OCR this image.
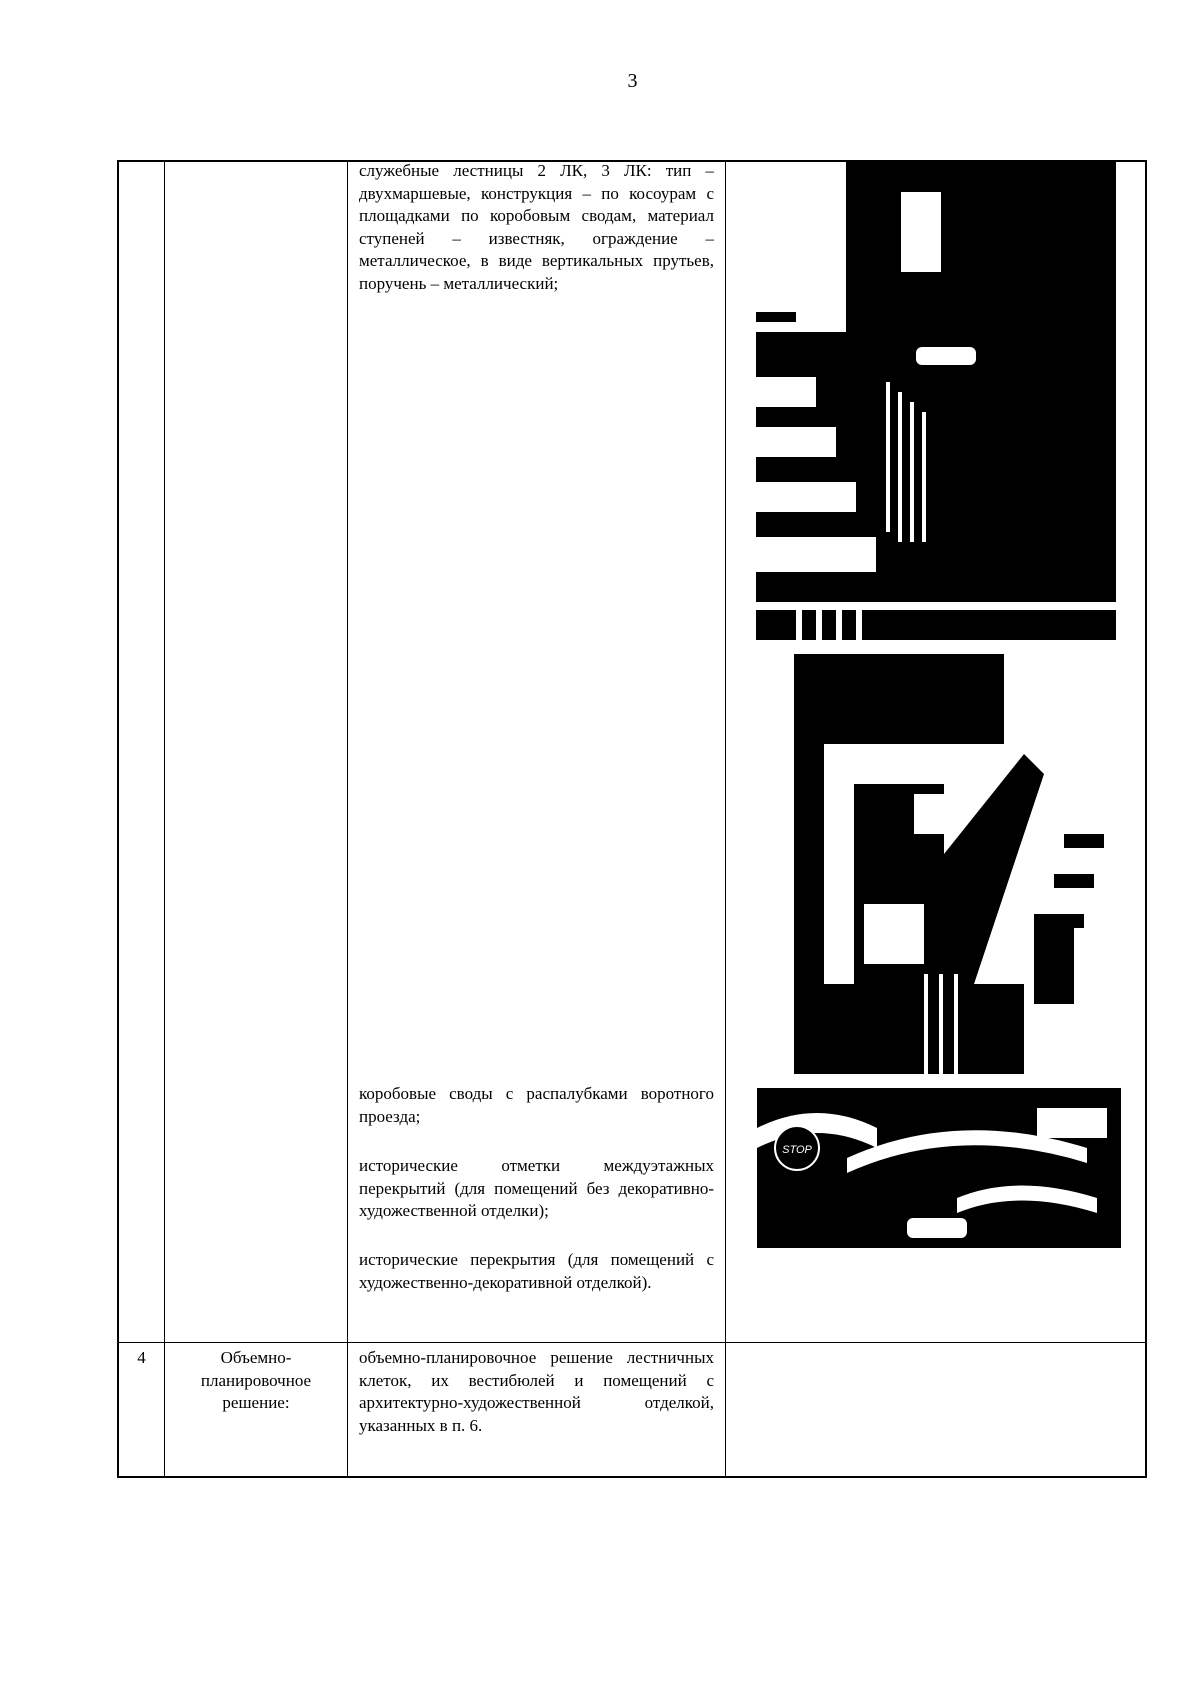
3
служебные лестницы 2 ЛК, 3 ЛК: тип – двухмаршевые, конструкция – по косоурам с площадками по коробовым сводам, материал ступеней – известняк, ограждение – металлическое, в виде вертикальных прутьев, поручень – металлический;
коробовые своды с распалубками воротного проезда;
исторические отметки междуэтажных перекрытий (для помещений без декоративно-художественной отделки);
исторические перекрытия (для помещений с художественно-декоративной отделкой).
STOP
4	Объемно-
планировочное
решение:
объемно-планировочное решение лестничных клеток, их вестибюлей и помещений с архитектурно-художественной отделкой, указанных в п. 6.
